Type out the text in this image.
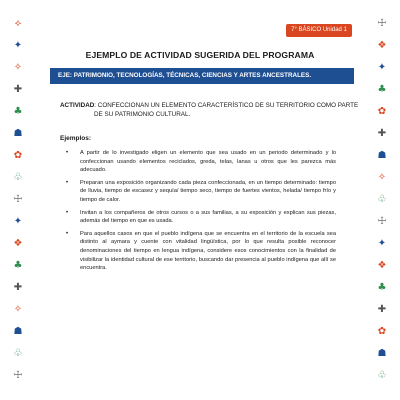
⟡
✦
✧
✚
♣
☗
✿
♧
☩
✦
❖
♣
✚
✧
☗
♧
☩
☩
❖
✦
♣
✿
✚
☗
✧
♧
☩
✦
❖
♣
✚
✿
☗
♧
7° BÁSICO Unidad 1
EJEMPLO DE ACTIVIDAD SUGERIDA DEL PROGRAMA
EJE: PATRIMONIO, TECNOLOGÍAS, TÉCNICAS, CIENCIAS Y ARTES ANCESTRALES.
ACTIVIDAD: CONFECCIONAN UN ELEMENTO CARACTERÍSTICO DE SU TERRITORIO COMO PARTE
DE SU PATRIMONIO CULTURAL.
Ejemplos:
• A partir de lo investigado eligen un elemento que sea usado en un periodo determinado y lo confeccionan usando elementos reciclados, greda, telas, lanas u otros que les parezca más adecuado.
• Preparan una exposición organizando cada pieza confeccionada, en un tiempo determinado: tiempo de lluvia, tiempo de escasez y sequía/ tiempo seco, tiempo de fuertes vientos, helada/ tiempo frío y tiempo de calor.
• Invitan a los compañeros de otros cursos o a sus familias, a su exposición y explican sus piezas, además del tiempo en que es usada.
• Para aquellos casos en que el pueblo indígena que se encuentra en el territorio de la escuela sea distinto al aymara y cuente con vitalidad lingüística, por lo que resulta posible reconocer denominaciones del tiempo en lengua indígena, considere esos conocimientos con la finalidad de visibilizar la identidad cultural de ese territorio, buscando dar presencia al pueblo indígena que allí se encuentra.
